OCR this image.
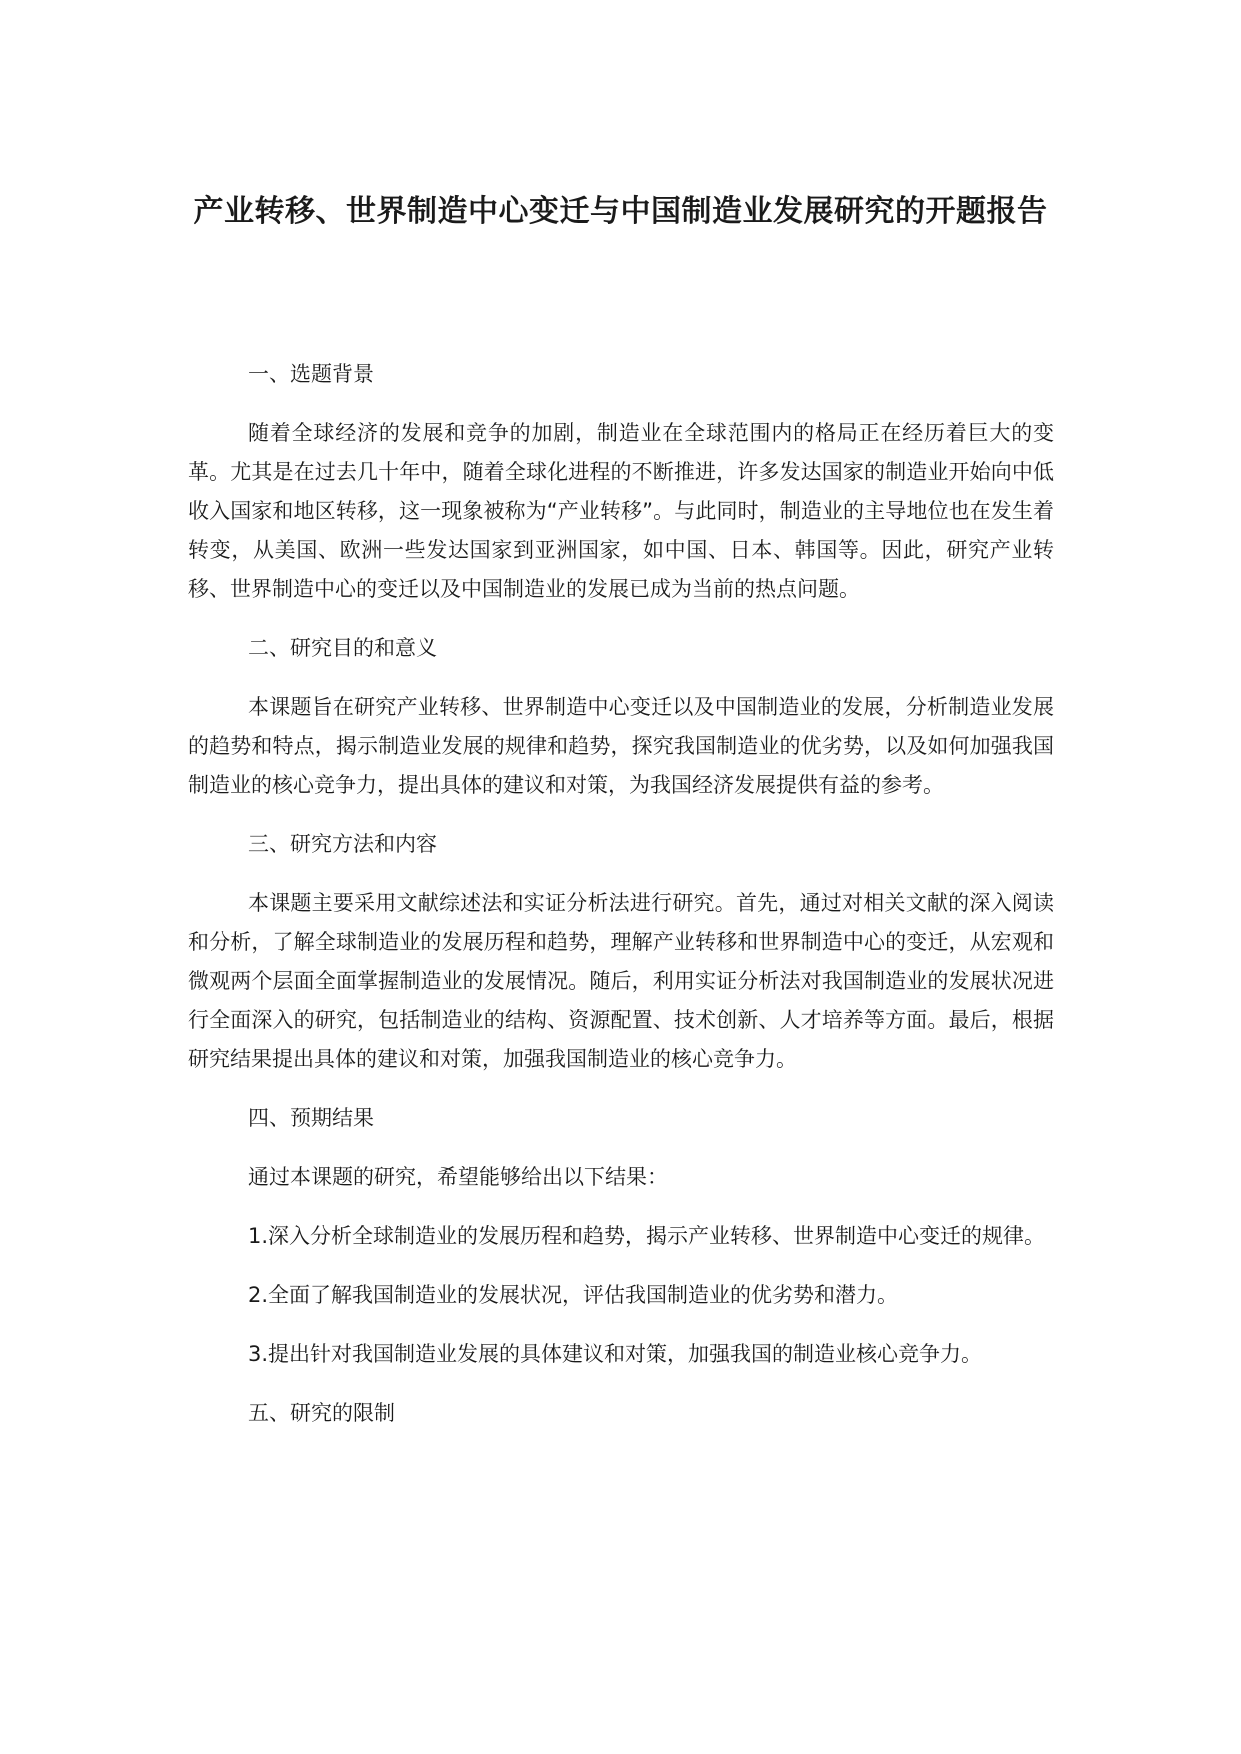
产业转移、世界制造中心变迁与中国制造业发展研究的开题报告

一、选题背景

随着全球经济的发展和竞争的加剧，制造业在全球范围内的格局正在经历着巨大的变革。尤其是在过去几十年中，随着全球化进程的不断推进，许多发达国家的制造业开始向中低收入国家和地区转移，这一现象被称为“产业转移”。与此同时，制造业的主导地位也在发生着转变，从美国、欧洲一些发达国家到亚洲国家，如中国、日本、韩国等。因此，研究产业转移、世界制造中心的变迁以及中国制造业的发展已成为当前的热点问题。

二、研究目的和意义

本课题旨在研究产业转移、世界制造中心变迁以及中国制造业的发展，分析制造业发展的趋势和特点，揭示制造业发展的规律和趋势，探究我国制造业的优劣势，以及如何加强我国制造业的核心竞争力，提出具体的建议和对策，为我国经济发展提供有益的参考。

三、研究方法和内容

本课题主要采用文献综述法和实证分析法进行研究。首先，通过对相关文献的深入阅读和分析，了解全球制造业的发展历程和趋势，理解产业转移和世界制造中心的变迁，从宏观和微观两个层面全面掌握制造业的发展情况。随后，利用实证分析法对我国制造业的发展状况进行全面深入的研究，包括制造业的结构、资源配置、技术创新、人才培养等方面。最后，根据研究结果提出具体的建议和对策，加强我国制造业的核心竞争力。

四、预期结果

通过本课题的研究，希望能够给出以下结果：

1.深入分析全球制造业的发展历程和趋势，揭示产业转移、世界制造中心变迁的规律。

2.全面了解我国制造业的发展状况，评估我国制造业的优劣势和潜力。

3.提出针对我国制造业发展的具体建议和对策，加强我国的制造业核心竞争力。

五、研究的限制
